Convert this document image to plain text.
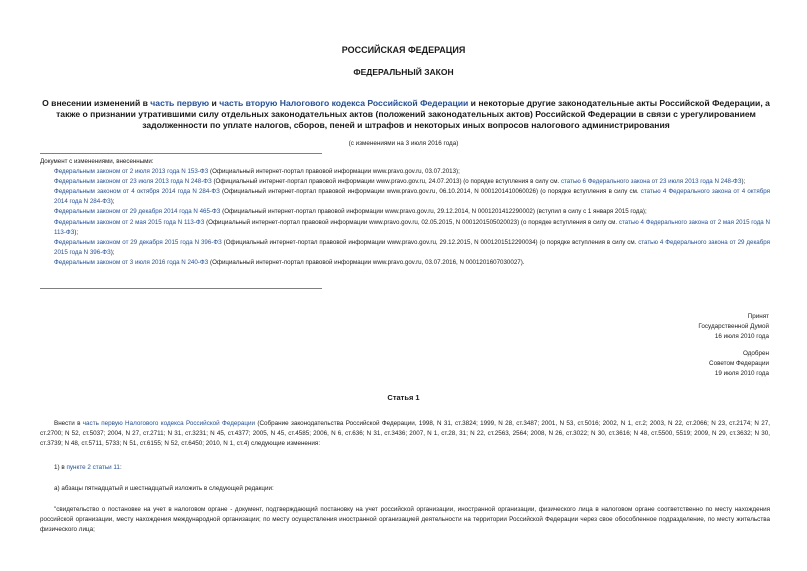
РОССИЙСКАЯ ФЕДЕРАЦИЯ
ФЕДЕРАЛЬНЫЙ ЗАКОН
О внесении изменений в часть первую и часть вторую Налогового кодекса Российской Федерации и некоторые другие законодательные акты Российской Федерации, а также о признании утратившими силу отдельных законодательных актов (положений законодательных актов) Российской Федерации в связи с урегулированием задолженности по уплате налогов, сборов, пеней и штрафов и некоторых иных вопросов налогового администрирования
(с изменениями на 3 июля 2016 года)

Документ с изменениями, внесенными:

Федеральным законом от 2 июля 2013 года N 153-ФЗ (Официальный интернет-портал правовой информации www.pravo.gov.ru, 03.07.2013);

Федеральным законом от 23 июля 2013 года N 248-ФЗ (Официальный интернет-портал правовой информации www.pravo.gov.ru, 24.07.2013) (о порядке вступления в силу см. статью 6 Федерального закона от 23 июля 2013 года N 248-ФЗ);

Федеральным законом от 4 октября 2014 года N 284-ФЗ (Официальный интернет-портал правовой информации www.pravo.gov.ru, 06.10.2014, N 0001201410060026) (о порядке вступления в силу см. статью 4 Федерального закона от 4 октября 2014 года N 284-ФЗ);

Федеральным законом от 29 декабря 2014 года N 465-ФЗ (Официальный интернет-портал правовой информации www.pravo.gov.ru, 29.12.2014, N 0001201412290002) (вступил в силу с 1 января 2015 года);

Федеральным законом от 2 мая 2015 года N 113-ФЗ (Официальный интернет-портал правовой информации www.pravo.gov.ru, 02.05.2015, N 0001201505020023) (о порядке вступления в силу см. статью 4 Федерального закона от 2 мая 2015 года N 113-ФЗ);

Федеральным законом от 29 декабря 2015 года N 396-ФЗ (Официальный интернет-портал правовой информации www.pravo.gov.ru, 29.12.2015, N 0001201512290034) (о порядке вступления в силу см. статью 4 Федерального закона от 29 декабря 2015 года N 396-ФЗ);

Федеральным законом от 3 июля 2016 года N 240-ФЗ (Официальный интернет-портал правовой информации www.pravo.gov.ru, 03.07.2016, N 0001201607030027).

Принят
Государственной Думой
16 июля 2010 года
Одобрен
Советом Федерации
19 июля 2010 года
Статья 1

Внести в часть первую Налогового кодекса Российской Федерации (Собрание законодательства Российской Федерации, 1998, N 31, ст.3824; 1999, N 28, ст.3487; 2001, N 53, ст.5016; 2002, N 1, ст.2; 2003, N 22, ст.2066; N 23, ст.2174; N 27, ст.2700; N 52, ст.5037; 2004, N 27, ст.2711; N 31, ст.3231; N 45, ст.4377; 2005, N 45, ст.4585; 2006, N 6, ст.636; N 31, ст.3436; 2007, N 1, ст.28, 31; N 22, ст.2563, 2564; 2008, N 26, ст.3022; N 30, ст.3616; N 48, ст.5500, 5519; 2009, N 29, ст.3632; N 30, ст.3739; N 48, ст.5711, 5733; N 51, ст.6155; N 52, ст.6450; 2010, N 1, ст.4) следующие изменения:

1) в пункте 2 статьи 11:

а) абзацы пятнадцатый и шестнадцатый изложить в следующей редакции:

"свидетельство о постановке на учет в налоговом органе - документ, подтверждающий постановку на учет российской организации, иностранной организации, физического лица в налоговом органе соответственно по месту нахождения российской организации, месту нахождения международной организации; по месту осуществления иностранной организацией деятельности на территории Российской Федерации через свое обособленное подразделение, по месту жительства физического лица;
